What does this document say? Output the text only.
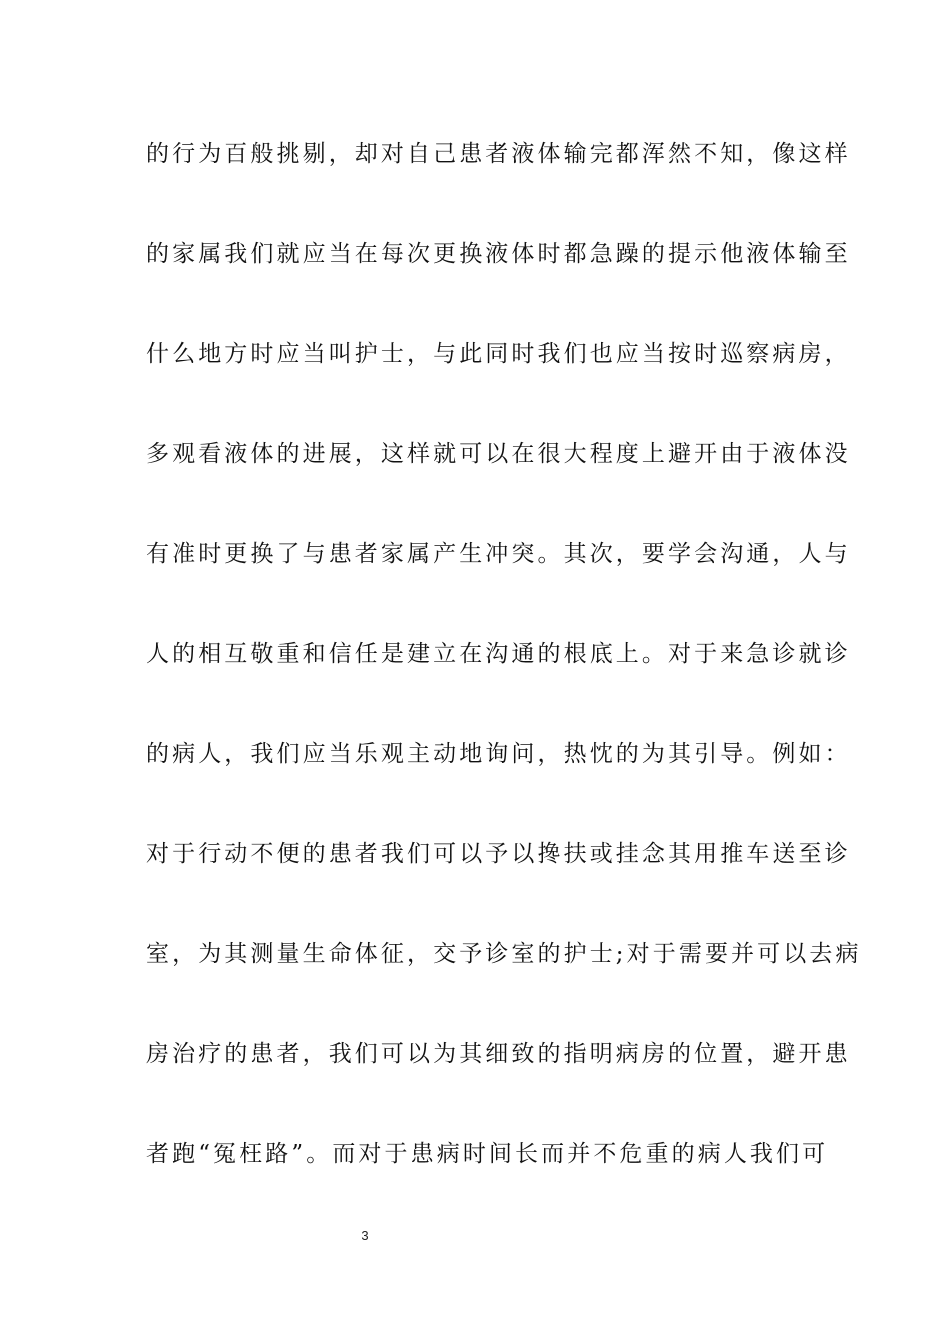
的行为百般挑剔，却对自己患者液体输完都浑然不知，像这样
的家属我们就应当在每次更换液体时都急躁的提示他液体输至
什么地方时应当叫护士，与此同时我们也应当按时巡察病房，
多观看液体的进展，这样就可以在很大程度上避开由于液体没
有准时更换了与患者家属产生冲突。其次，要学会沟通，人与
人的相互敬重和信任是建立在沟通的根底上。对于来急诊就诊
的病人，我们应当乐观主动地询问，热忱的为其引导。例如：
对于行动不便的患者我们可以予以搀扶或挂念其用推车送至诊
室，为其测量生命体征，交予诊室的护士;对于需要并可以去病
房治疗的患者，我们可以为其细致的指明病房的位置，避开患
者跑“冤枉路”。而对于患病时间长而并不危重的病人我们可
3
